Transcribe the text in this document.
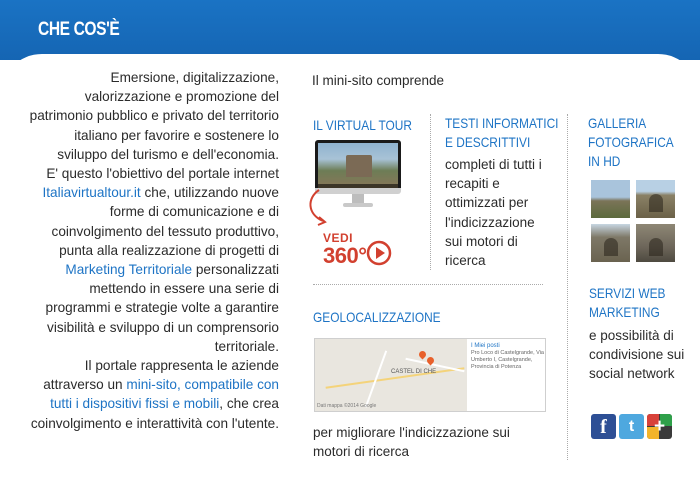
CHE COS'È
Emersione, digitalizzazione, valorizzazione e promozione del patrimonio pubblico e privato del territorio italiano per favorire e sostenere lo sviluppo del turismo e dell'economia.
E' questo l'obiettivo del portale internet Italiavirtualtour.it che, utilizzando nuove forme di comunicazione e di coinvolgimento del tessuto produttivo, punta alla realizzazione di progetti di Marketing Territoriale personalizzati mettendo in essere una serie di programmi e strategie volte a garantire visibilità e sviluppo di un comprensorio territoriale.
Il portale rappresenta le aziende attraverso un mini-sito, compatibile con tutti i dispositivi fissi e mobili, che crea coinvolgimento e interattività con l'utente.
Il mini-sito comprende
IL VIRTUAL TOUR
VEDI
360°
TESTI INFORMATICI
E DESCRITTIVI
completi di tutti i recapiti e ottimizzati per l'indicizzazione sui motori di ricerca
GEOLOCALIZZAZIONE
CASTEL DI CHE
Dati mappa ©2014 Google
I Miei posti
Pro Loco di Castelgrande, Via Umberto I, Castelgrande, Provincia di Potenza
per migliorare l'indicizzazione sui motori di ricerca
GALLERIA
FOTOGRAFICA
IN HD
SERVIZI WEB
MARKETING
e possibilità di condivisione sui social network
f	t	+
